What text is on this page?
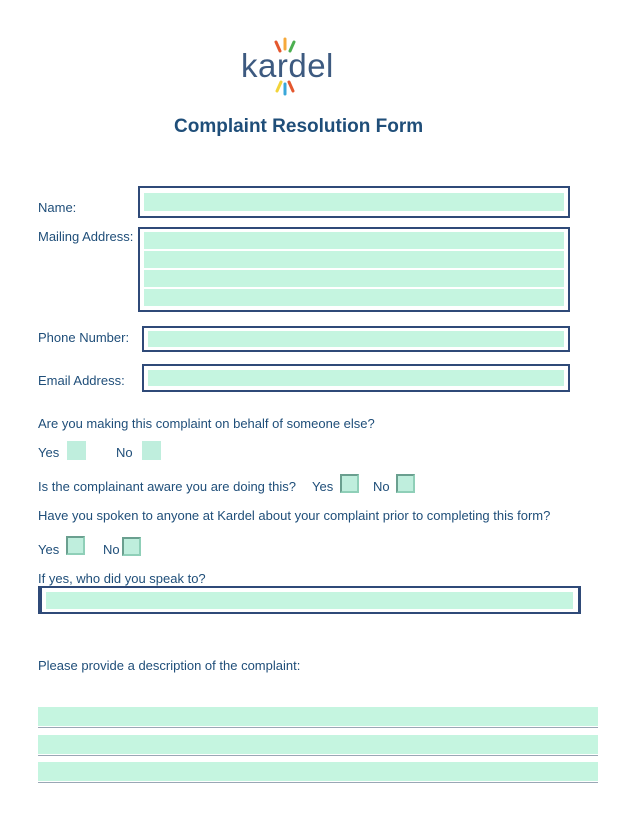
kardel
Complaint Resolution Form
Name:
Mailing Address:
Phone Number:
Email Address:
Are you making this complaint on behalf of someone else?
Yes	No
Is the complainant aware you are doing this? Yes	No
Have you spoken to anyone at Kardel about your complaint prior to completing this form?
Yes	No
If yes, who did you speak to?
Please provide a description of the complaint:
